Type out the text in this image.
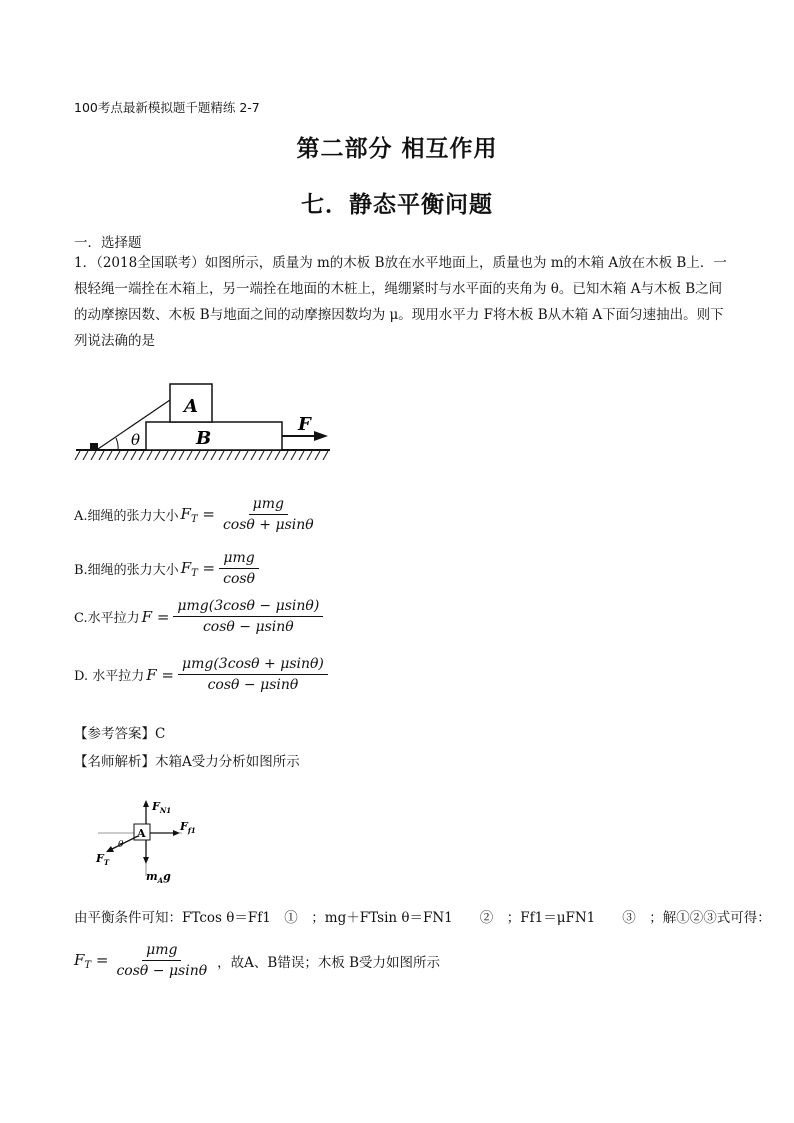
100考点最新模拟题千题精练 2-7
第二部分 相互作用
七．静态平衡问题
一．选择题
1．（2018全国联考）如图所示，质量为 m的木板 B放在水平地面上，质量也为 m的木箱 A放在木板 B上．一根轻绳一端拴在木箱上，另一端拴在地面的木桩上，绳绷紧时与水平面的夹角为 θ。已知木箱 A与木板 B之间的动摩擦因数、木板 B与地面之间的动摩擦因数均为 μ。现用水平力 F将木板 B从木箱 A下面匀速抽出。则下列说法确的是
A
B
θ
F
A.细绳的张力大小 $F_T = \frac{\text{μmg}}{\cos\theta + \mu\sin\theta}$
B.细绳的张力大小 $F_T = \frac{\text{μmg}}{\cos\theta}$
C.水平拉力 $F = \frac{\text{μmg(3cosθ − μsinθ)}}{\cos\theta - \mu\sin\theta}$
D. 水平拉力 $F = \frac{\text{μmg(3cosθ + μsinθ)}}{\cos\theta - \mu\sin\theta}$
【参考答案】C
【名师解析】木箱A受力分析如图所示
A
θ
$F_{N1}$
$F_{f1}$
$F_T$
$m_Ag$
由平衡条件可知：FTcos θ＝Ff1　①　；mg＋FTsin θ＝FN1　　②　；Ff1＝μFN1　　③　；解①②③式可得：
$F_T = \frac{\text{μmg}}{\cos\theta - \mu\sin\theta}$ ，故A、B错误；木板 B受力如图所示
